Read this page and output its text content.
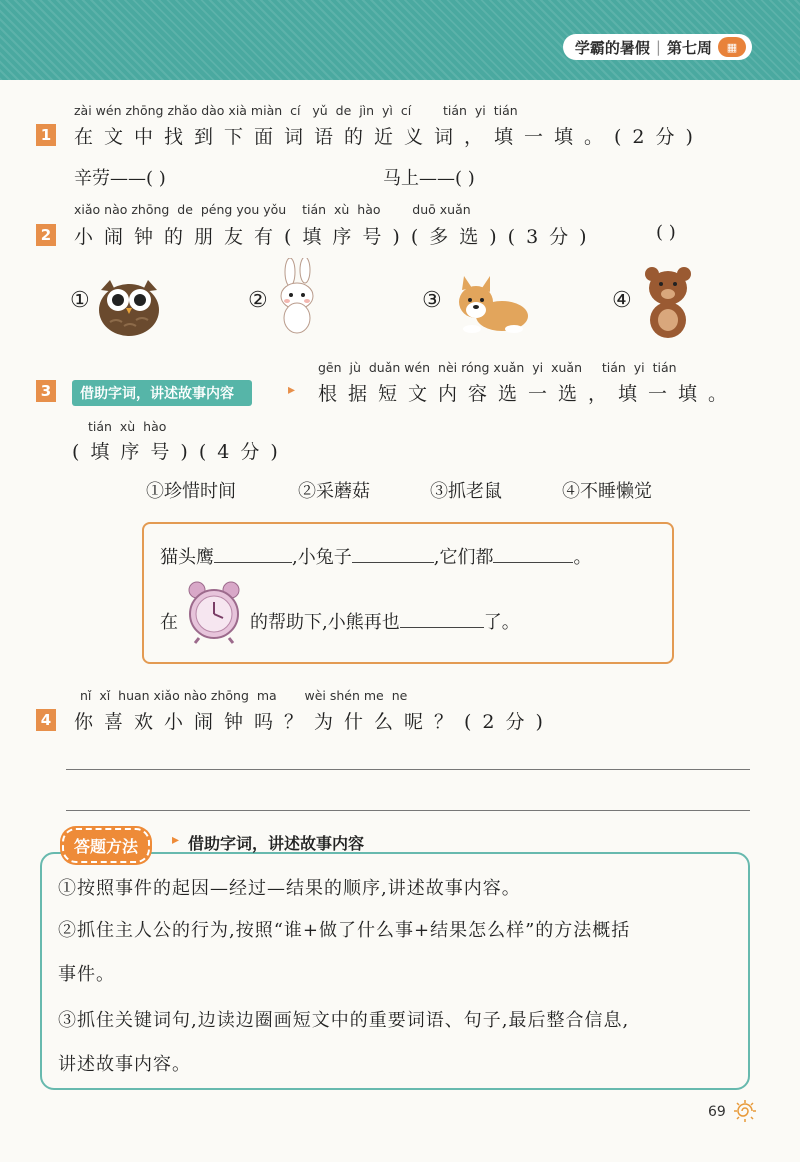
学霸的暑假 | 第七周	▦
zài wén zhōng zhǎo dào xià miàn  cí   yǔ  de  jìn  yì  cí        tián  yi  tián
1 在文中找到下面词语的近义词，填一填。(2分)
辛劳——( )	马上——( )
xiǎo nào zhōng  de  péng you yǒu    tián  xù  hào        duō xuǎn
2 小闹钟的朋友有(填序号)(多选)(3分)	( )
①	②	③	④
gēn  jù  duǎn wén  nèi róng xuǎn  yi  xuǎn     tián  yi  tián
3	借助字词，讲述故事内容	▸ 根据短文内容选一选，填一填。
tián  xù  hào
(填序号)(4分)
①珍惜时间	②采蘑菇	③抓老鼠	④不睡懒觉
猫头鹰	,小兔子	,它们都	。
在	的帮助下,小熊再也	了。
nǐ  xǐ  huan xiǎo nào zhōng  ma       wèi shén me  ne
4 你喜欢小闹钟吗？为什么呢？(2分)
答题方法	▸ 借助字词，讲述故事内容
①按照事件的起因—经过—结果的顺序,讲述故事内容。
②抓住主人公的行为,按照“谁+做了什么事+结果怎么样”的方法概括
事件。
③抓住关键词句,边读边圈画短文中的重要词语、句子,最后整合信息,
讲述故事内容。
69
